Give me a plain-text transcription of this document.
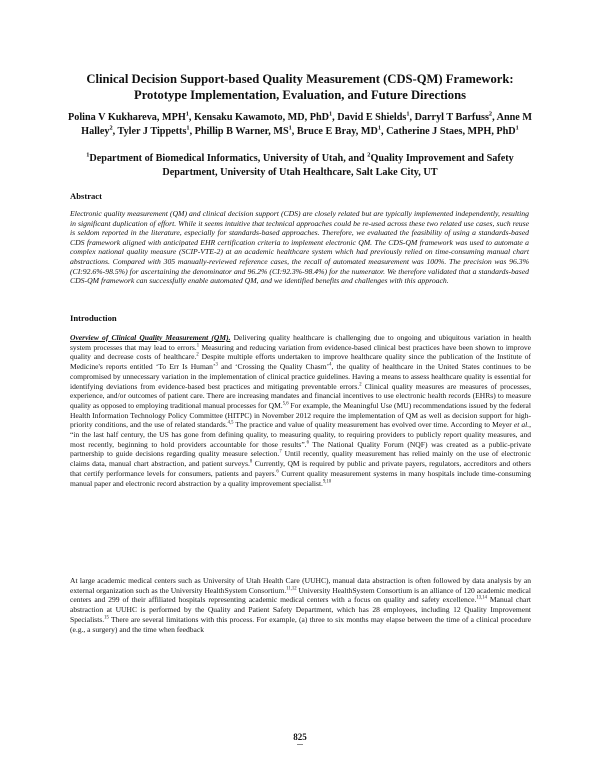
Clinical Decision Support-based Quality Measurement (CDS-QM) Framework: Prototype Implementation, Evaluation, and Future Directions

Polina V Kukhareva, MPH$^1$, Kensaku Kawamoto, MD, PhD$^1$, David E Shields$^1$, Darryl T Barfuss$^2$, Anne M Halley$^2$, Tyler J Tippetts$^1$, Phillip B Warner, $MS^1$, Bruce E Bray, $MD^1$, Catherine J Staes, MPH, PhD$^1$

$^1$Department of Biomedical Informatics, University of Utah, and $^2$Quality Improvement and Safety Department, University of Utah Healthcare, Salt Lake City, UT

Abstract

Electronic quality measurement (QM) and clinical decision support (CDS) are closely related but are typically implemented independently, resulting in significant duplication of effort. While it seems intuitive that technical approaches could be re-used across these two related use cases, such reuse is seldom reported in the literature, especially for standards-based approaches. Therefore, we evaluated the feasibility of using a standards-based CDS framework aligned with anticipated EHR certification criteria to implement electronic QM. The CDS-QM framework was used to automate a complex national quality measure (SCIP-VTE-2) at an academic healthcare system which had previously relied on time-consuming manual chart abstractions. Compared with 305 manually-reviewed reference cases, the recall of automated measurement was 100%. The precision was 96.3% (CI:92.6%-98.5%) for ascertaining the denominator and 96.2% (CI:92.3%-98.4%) for the numerator. We therefore validated that a standards-based CDS-QM framework can successfully enable automated QM, and we identified benefits and challenges with this approach.

Introduction

Overview of Clinical Quality Measurement (QM). Delivering quality healthcare is challenging due to ongoing and ubiquitous variation in health system processes that may lead to errors.$^1$ Measuring and reducing variation from evidence-based clinical best practices have been shown to improve quality and decrease costs of healthcare.$^2$ Despite multiple efforts undertaken to improve healthcare quality since the publication of the Institute of Medicine's reports entitled ‘To Err Is Human’$^3$ and ‘Crossing the Quality Chasm’$^4$, the quality of healthcare in the United States continues to be compromised by unnecessary variation in the implementation of clinical practice guidelines. Having a means to assess healthcare quality is essential for identifying deviations from evidence-based best practices and mitigating preventable errors.$^2$ Clinical quality measures are measures of processes, experience, and/or outcomes of patient care. There are increasing mandates and financial incentives to use electronic health records (EHRs) to measure quality as opposed to employing traditional manual processes for QM.$^{5,6}$ For example, the Meaningful Use (MU) recommendations issued by the federal Health Information Technology Policy Committee (HITPC) in November 2012 require the implementation of QM as well as decision support for high-priority conditions, and the use of related standards.$^{4,5}$ The practice and value of quality measurement has evolved over time. According to Meyer et al., “in the last half century, the US has gone from defining quality, to measuring quality, to requiring providers to publicly report quality measures, and most recently, beginning to hold providers accountable for those results”.$^6$ The National Quality Forum (NQF) was created as a public-private partnership to guide decisions regarding quality measure selection.$^7$ Until recently, quality measurement has relied mainly on the use of electronic claims data, manual chart abstraction, and patient surveys.$^8$ Currently, QM is required by public and private payers, regulators, accreditors and others that certify performance levels for consumers, patients and payers.$^6$ Current quality measurement systems in many hospitals include time-consuming manual paper and electronic record abstraction by a quality improvement specialist.$^{9,10}$

At large academic medical centers such as University of Utah Health Care (UUHC), manual data abstraction is often followed by data analysis by an external organization such as the University HealthSystem Consortium.$^{11,12}$ University HealthSystem Consortium is an alliance of 120 academic medical centers and 299 of their affiliated hospitals representing academic medical centers with a focus on quality and safety excellence.$^{13,14}$ Manual chart abstraction at UUHC is performed by the Quality and Patient Safety Department, which has 28 employees, including 12 Quality Improvement Specialists.$^{15}$ There are several limitations with this process. For example, (a) three to six months may elapse between the time of a clinical procedure (e.g., a surgery) and the time when feedback

825
